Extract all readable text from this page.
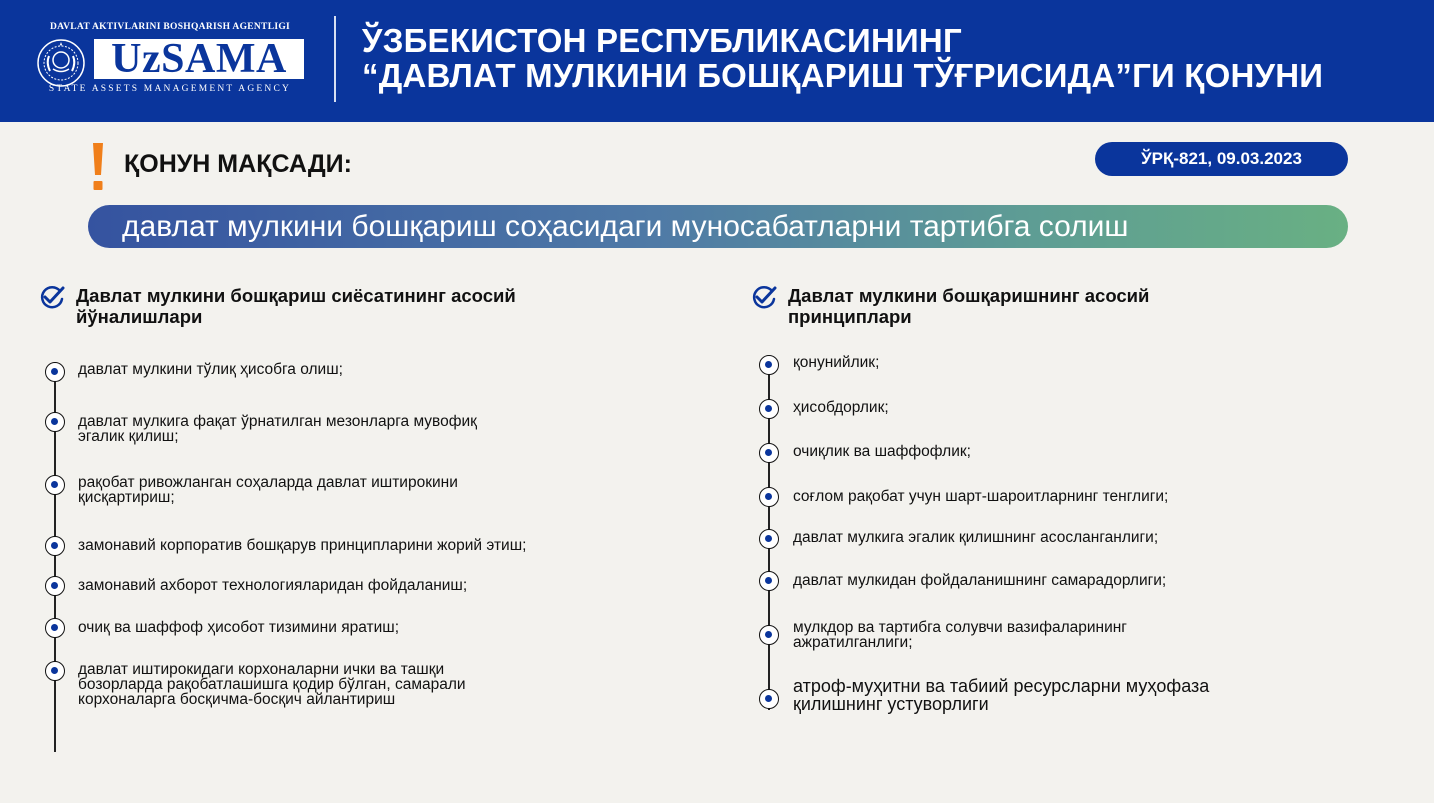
DAVLAT AKTIVLARINI BOSHQARISH AGENTLIGI
UzSAMA
STATE ASSETS MANAGEMENT AGENCY
ЎЗБЕКИСТОН РЕСПУБЛИКАСИНИНГ
“ДАВЛАТ МУЛКИНИ БОШҚАРИШ ТЎҒРИСИДА”ГИ ҚОНУНИ
ҚОНУН МАҚСАДИ:	ЎРҚ-821, 09.03.2023
давлат мулкини бошқариш соҳасидаги муносабатларни тартибга солиш
Давлат мулкини бошқариш сиёсатининг асосий
йўналишлари
давлат мулкини тўлиқ ҳисобга олиш;
давлат мулкига фақат ўрнатилган мезонларга мувофиқ
эгалик қилиш;
рақобат ривожланган соҳаларда давлат иштирокини
қисқартириш;
замонавий корпоратив бошқарув принципларини жорий этиш;
замонавий ахборот технологияларидан фойдаланиш;
очиқ ва шаффоф ҳисобот тизимини яратиш;
давлат иштирокидаги корхоналарни ички ва ташқи
бозорларда рақобатлашишга қодир бўлган, самарали
корхоналарга босқичма-босқич айлантириш
Давлат мулкини бошқаришнинг асосий
принциплари
қонунийлик;
ҳисобдорлик;
очиқлик ва шаффофлик;
соғлом рақобат учун шарт-шароитларнинг тенглиги;
давлат мулкига эгалик қилишнинг асосланганлиги;
давлат мулкидан фойдаланишнинг самарадорлиги;
мулкдор ва тартибга солувчи вазифаларининг
ажратилганлиги;
атроф-муҳитни ва табиий ресурсларни муҳофаза
қилишнинг устуворлиги
